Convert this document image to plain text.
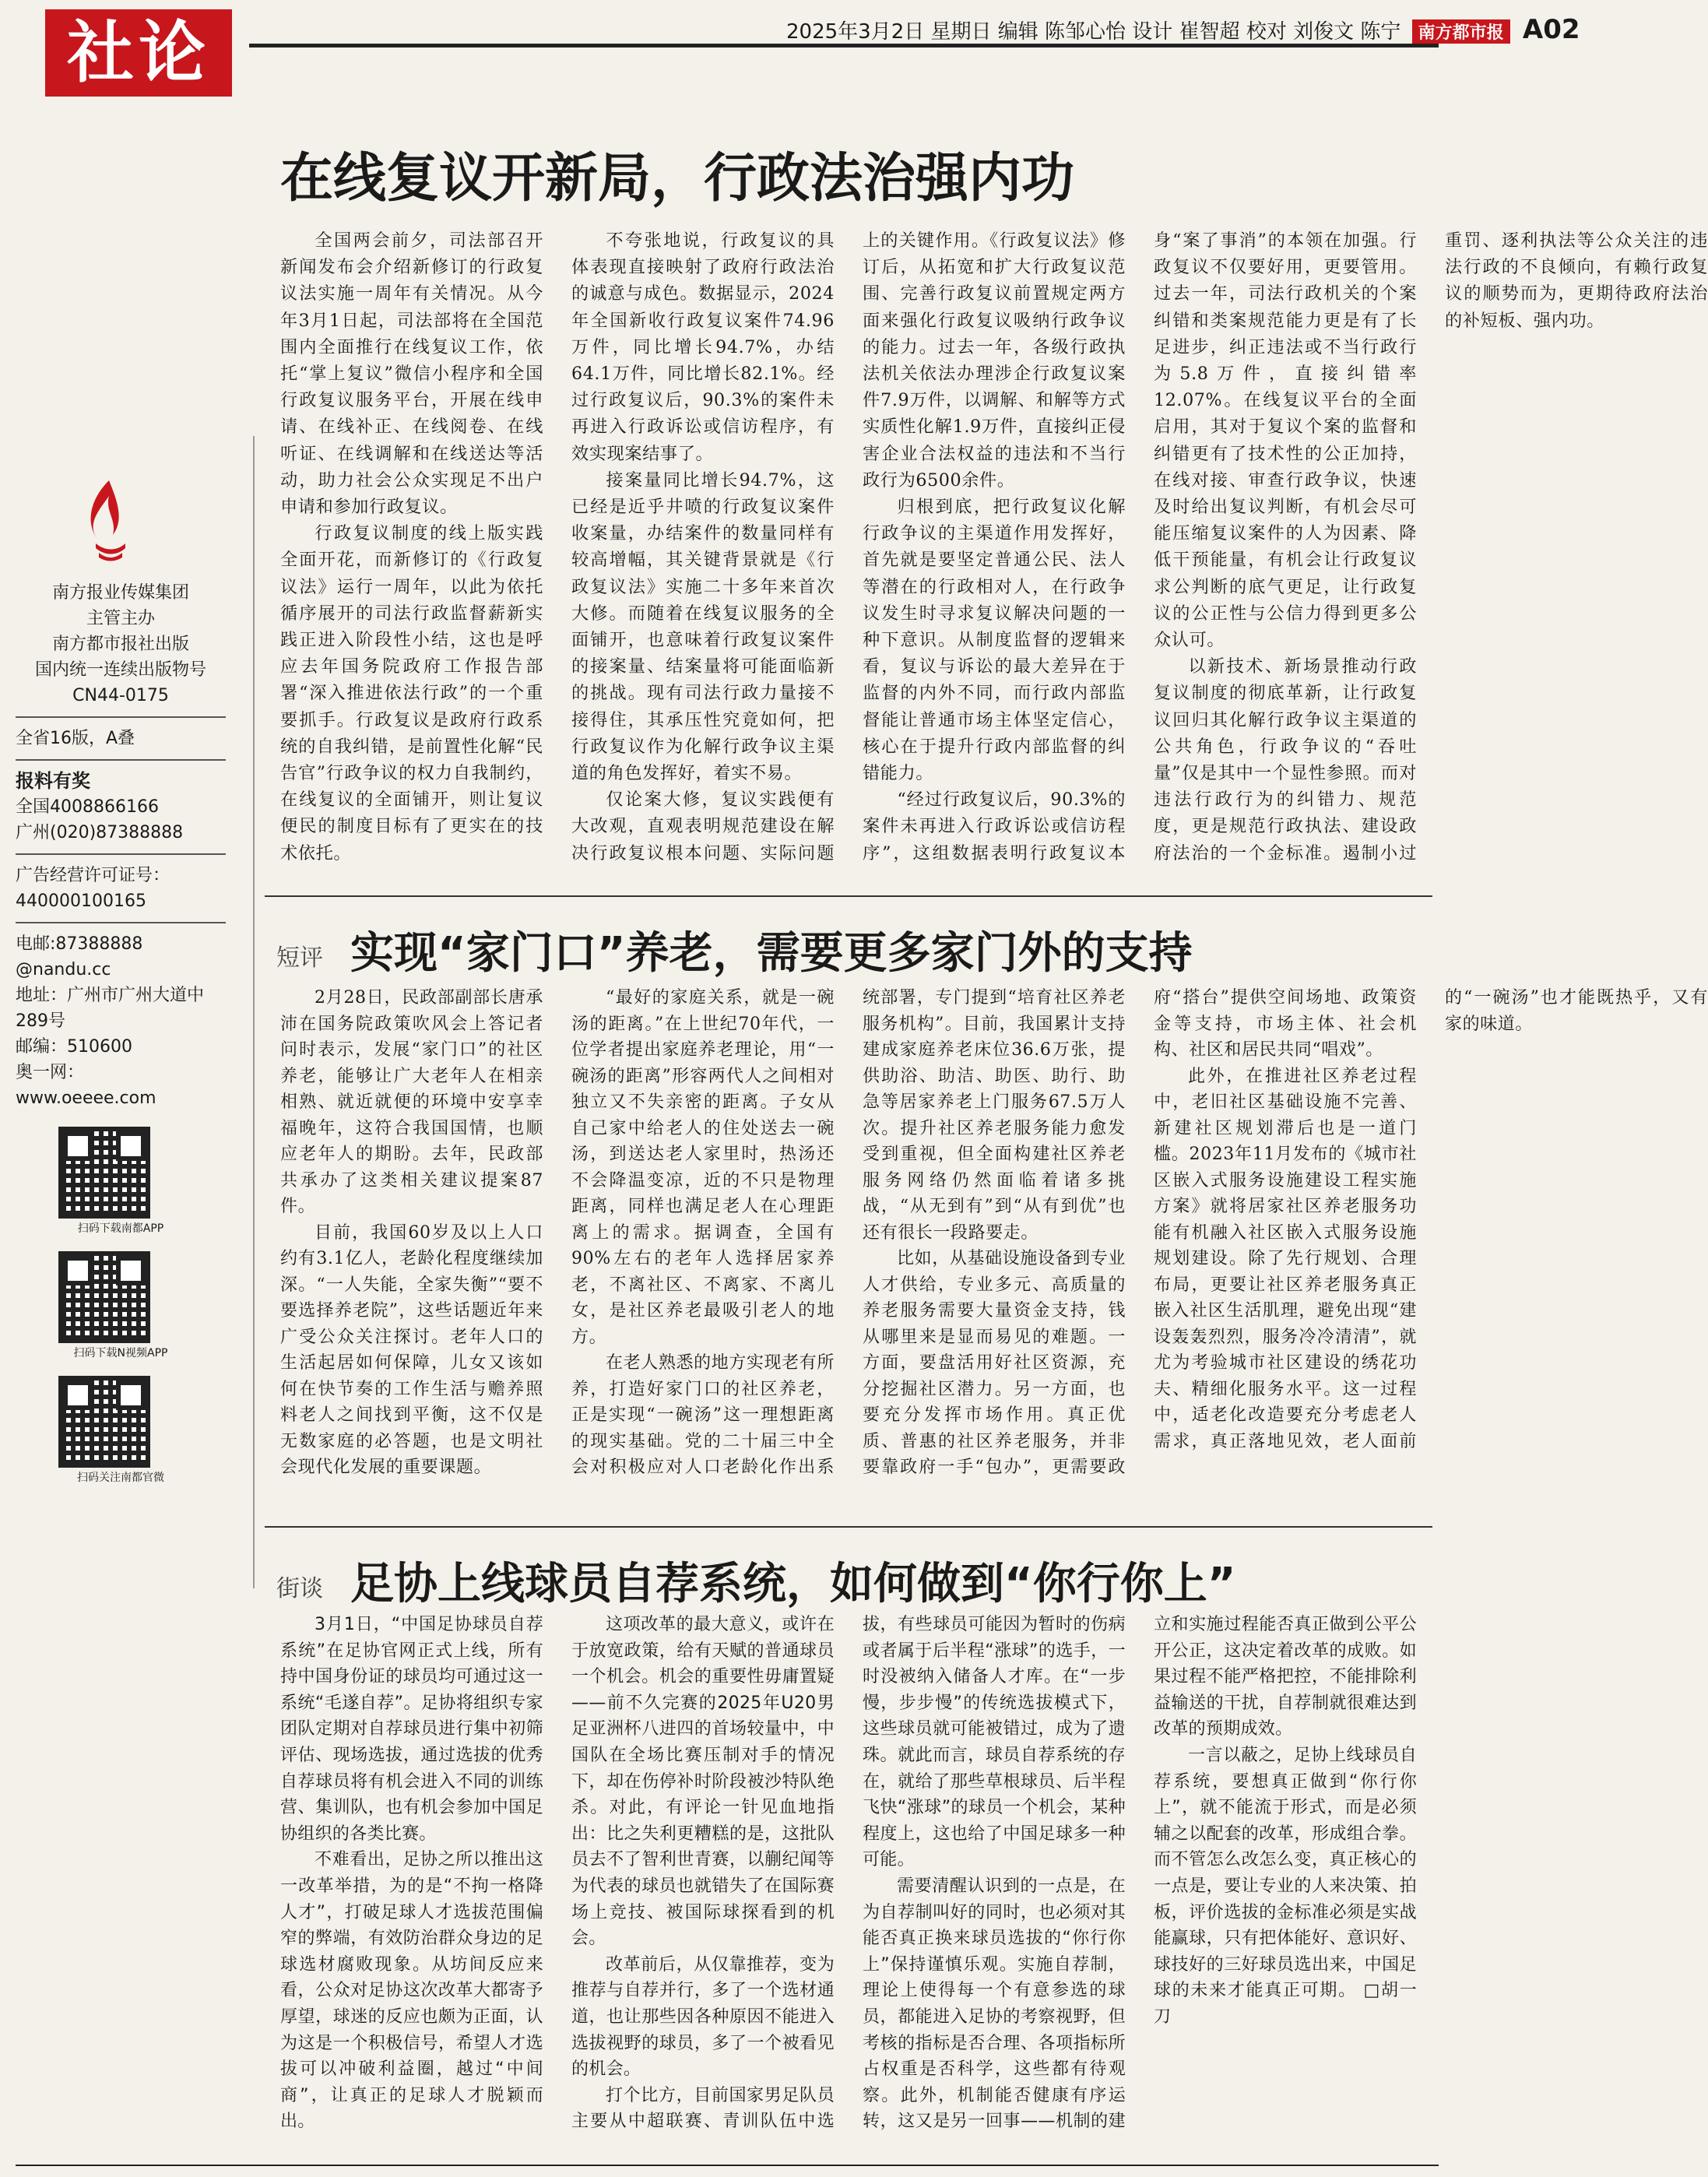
社论	2025年3月2日 星期日 编辑 陈邹心怡 设计 崔智超 校对 刘俊文 陈宁 南方都市报 A02
南方报业传媒集团
主管主办
南方都市报社出版
国内统一连续出版物号
CN44-0175
全省16版，A叠
报料有奖
全国4008866166
广州(020)87388888
广告经营许可证号：
440000100165
电邮:87388888
@nandu.cc
地址：广州市广州大道中289号
邮编：510600
奥一网：
www.oeeee.com
扫码下载南都APP
扫码下载N视频APP
扫码关注南都官微
在线复议开新局，行政法治强内功

全国两会前夕，司法部召开新闻发布会介绍新修订的行政复议法实施一周年有关情况。从今年3月1日起，司法部将在全国范围内全面推行在线复议工作，依托“掌上复议”微信小程序和全国行政复议服务平台，开展在线申请、在线补正、在线阅卷、在线听证、在线调解和在线送达等活动，助力社会公众实现足不出户申请和参加行政复议。

行政复议制度的线上版实践全面开花，而新修订的《行政复议法》运行一周年，以此为依托循序展开的司法行政监督薪新实践正进入阶段性小结，这也是呼应去年国务院政府工作报告部署“深入推进依法行政”的一个重要抓手。行政复议是政府行政系统的自我纠错，是前置性化解“民告官”行政争议的权力自我制约，在线复议的全面铺开，则让复议便民的制度目标有了更实在的技术依托。

不夸张地说，行政复议的具体表现直接映射了政府行政法治的诚意与成色。数据显示，2024年全国新收行政复议案件74.96万件，同比增长94.7%，办结64.1万件，同比增长82.1%。经过行政复议后，90.3%的案件未再进入行政诉讼或信访程序，有效实现案结事了。

接案量同比增长94.7%，这已经是近乎井喷的行政复议案件收案量，办结案件的数量同样有较高增幅，其关键背景就是《行政复议法》实施二十多年来首次大修。而随着在线复议服务的全面铺开，也意味着行政复议案件的接案量、结案量将可能面临新的挑战。现有司法行政力量接不接得住，其承压性究竟如何，把行政复议作为化解行政争议主渠道的角色发挥好，着实不易。

仅论案大修，复议实践便有大改观，直观表明规范建设在解决行政复议根本问题、实际问题上的关键作用。《行政复议法》修订后，从拓宽和扩大行政复议范围、完善行政复议前置规定两方面来强化行政复议吸纳行政争议的能力。过去一年，各级行政执法机关依法办理涉企行政复议案件7.9万件，以调解、和解等方式实质性化解1.9万件，直接纠正侵害企业合法权益的违法和不当行政行为6500余件。

归根到底，把行政复议化解行政争议的主渠道作用发挥好，首先就是要坚定普通公民、法人等潜在的行政相对人，在行政争议发生时寻求复议解决问题的一种下意识。从制度监督的逻辑来看，复议与诉讼的最大差异在于监督的内外不同，而行政内部监督能让普通市场主体坚定信心，核心在于提升行政内部监督的纠错能力。

“经过行政复议后，90.3%的案件未再进入行政诉讼或信访程序”，这组数据表明行政复议本身“案了事消”的本领在加强。行政复议不仅要好用，更要管用。过去一年，司法行政机关的个案纠错和类案规范能力更是有了长足进步，纠正违法或不当行政行为5.8万件，直接纠错率12.07%。在线复议平台的全面启用，其对于复议个案的监督和纠错更有了技术性的公正加持，在线对接、审查行政争议，快速及时给出复议判断，有机会尽可能压缩复议案件的人为因素、降低干预能量，有机会让行政复议求公判断的底气更足，让行政复议的公正性与公信力得到更多公众认可。

以新技术、新场景推动行政复议制度的彻底革新，让行政复议回归其化解行政争议主渠道的公共角色，行政争议的“吞吐量”仅是其中一个显性参照。而对违法行政行为的纠错力、规范度，更是规范行政执法、建设政府法治的一个金标准。遏制小过重罚、逐利执法等公众关注的违法行政的不良倾向，有赖行政复议的顺势而为，更期待政府法治的补短板、强内功。

短评 实现“家门口”养老，需要更多家门外的支持

2月28日，民政部副部长唐承沛在国务院政策吹风会上答记者问时表示，发展“家门口”的社区养老，能够让广大老年人在相亲相熟、就近就便的环境中安享幸福晚年，这符合我国国情，也顺应老年人的期盼。去年，民政部共承办了这类相关建议提案87件。

目前，我国60岁及以上人口约有3.1亿人，老龄化程度继续加深。“一人失能，全家失衡”“要不要选择养老院”，这些话题近年来广受公众关注探讨。老年人口的生活起居如何保障，儿女又该如何在快节奏的工作生活与赡养照料老人之间找到平衡，这不仅是无数家庭的必答题，也是文明社会现代化发展的重要课题。

“最好的家庭关系，就是一碗汤的距离。”在上世纪70年代，一位学者提出家庭养老理论，用“一碗汤的距离”形容两代人之间相对独立又不失亲密的距离。子女从自己家中给老人的住处送去一碗汤，到送达老人家里时，热汤还不会降温变凉，近的不只是物理距离，同样也满足老人在心理距离上的需求。据调查，全国有90%左右的老年人选择居家养老，不离社区、不离家、不离儿女，是社区养老最吸引老人的地方。

在老人熟悉的地方实现老有所养，打造好家门口的社区养老，正是实现“一碗汤”这一理想距离的现实基础。党的二十届三中全会对积极应对人口老龄化作出系统部署，专门提到“培育社区养老服务机构”。目前，我国累计支持建成家庭养老床位36.6万张，提供助浴、助洁、助医、助行、助急等居家养老上门服务67.5万人次。提升社区养老服务能力愈发受到重视，但全面构建社区养老服务网络仍然面临着诸多挑战，“从无到有”到“从有到优”也还有很长一段路要走。

比如，从基础设施设备到专业人才供给，专业多元、高质量的养老服务需要大量资金支持，钱从哪里来是显而易见的难题。一方面，要盘活用好社区资源，充分挖掘社区潜力。另一方面，也要充分发挥市场作用。真正优质、普惠的社区养老服务，并非要靠政府一手“包办”，更需要政府“搭台”提供空间场地、政策资金等支持，市场主体、社会机构、社区和居民共同“唱戏”。

此外，在推进社区养老过程中，老旧社区基础设施不完善、新建社区规划滞后也是一道门槛。2023年11月发布的《城市社区嵌入式服务设施建设工程实施方案》就将居家社区养老服务功能有机融入社区嵌入式服务设施规划建设。除了先行规划、合理布局，更要让社区养老服务真正嵌入社区生活肌理，避免出现“建设轰轰烈烈，服务冷冷清清”，就尤为考验城市社区建设的绣花功夫、精细化服务水平。这一过程中，适老化改造要充分考虑老人需求，真正落地见效，老人面前的“一碗汤”也才能既热乎，又有家的味道。

街谈 足协上线球员自荐系统，如何做到“你行你上”

3月1日，“中国足协球员自荐系统”在足协官网正式上线，所有持中国身份证的球员均可通过这一系统“毛遂自荐”。足协将组织专家团队定期对自荐球员进行集中初筛评估、现场选拔，通过选拔的优秀自荐球员将有机会进入不同的训练营、集训队，也有机会参加中国足协组织的各类比赛。

不难看出，足协之所以推出这一改革举措，为的是“不拘一格降人才”，打破足球人才选拔范围偏窄的弊端，有效防治群众身边的足球选材腐败现象。从坊间反应来看，公众对足协这次改革大都寄予厚望，球迷的反应也颇为正面，认为这是一个积极信号，希望人才选拔可以冲破利益圈，越过“中间商”，让真正的足球人才脱颖而出。

这项改革的最大意义，或许在于放宽政策，给有天赋的普通球员一个机会。机会的重要性毋庸置疑——前不久完赛的2025年U20男足亚洲杯八进四的首场较量中，中国队在全场比赛压制对手的情况下，却在伤停补时阶段被沙特队绝杀。对此，有评论一针见血地指出：比之失利更糟糕的是，这批队员去不了智利世青赛，以蒯纪闻等为代表的球员也就错失了在国际赛场上竞技、被国际球探看到的机会。

改革前后，从仅靠推荐，变为推荐与自荐并行，多了一个选材通道，也让那些因各种原因不能进入选拔视野的球员，多了一个被看见的机会。

打个比方，目前国家男足队员主要从中超联赛、青训队伍中选拔，有些球员可能因为暂时的伤病或者属于后半程“涨球”的选手，一时没被纳入储备人才库。在“一步慢，步步慢”的传统选拔模式下，这些球员就可能被错过，成为了遗珠。就此而言，球员自荐系统的存在，就给了那些草根球员、后半程飞快“涨球”的球员一个机会，某种程度上，这也给了中国足球多一种可能。

需要清醒认识到的一点是，在为自荐制叫好的同时，也必须对其能否真正换来球员选拔的“你行你上”保持谨慎乐观。实施自荐制，理论上使得每一个有意参选的球员，都能进入足协的考察视野，但考核的指标是否合理、各项指标所占权重是否科学，这些都有待观察。此外，机制能否健康有序运转，这又是另一回事——机制的建立和实施过程能否真正做到公平公开公正，这决定着改革的成败。如果过程不能严格把控，不能排除利益输送的干扰，自荐制就很难达到改革的预期成效。

一言以蔽之，足协上线球员自荐系统，要想真正做到“你行你上”，就不能流于形式，而是必须辅之以配套的改革，形成组合拳。而不管怎么改怎么变，真正核心的一点是，要让专业的人来决策、拍板，评价选拔的金标准必须是实战能赢球，只有把体能好、意识好、球技好的三好球员选出来，中国足球的未来才能真正可期。 □胡一刀
